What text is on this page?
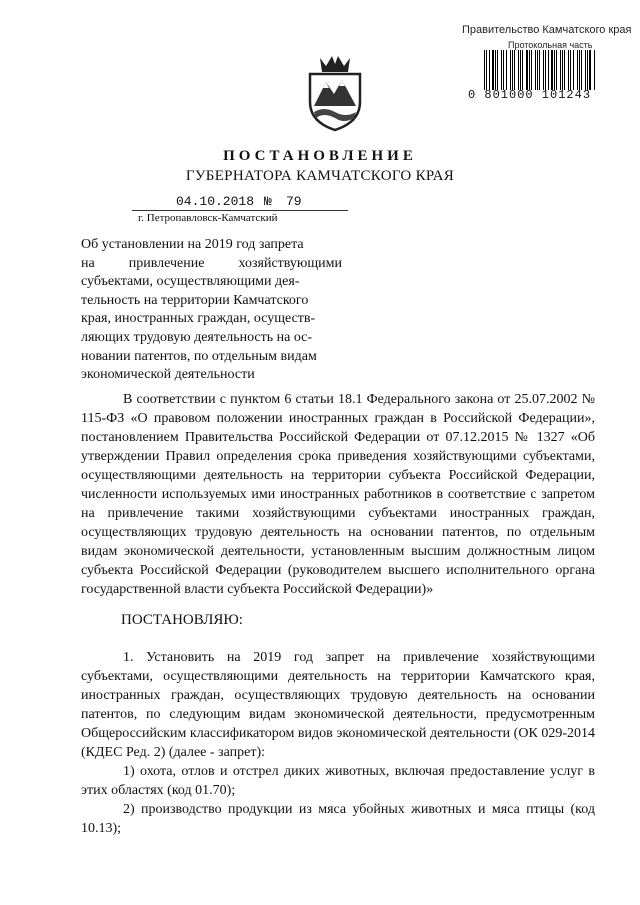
Правительство Камчатского края
Протокольная часть
0 801000 101243
ПОСТАНОВЛЕНИЕ
ГУБЕРНАТОРА КАМЧАТСКОГО КРАЯ
04.10.2018 № 79
г. Петропавловск-Камчатский

Об установлении на 2019 год запрета

на привлечение хозяйствующими

субъектами, осуществляющими дея-

тельность на территории Камчатского

края, иностранных граждан, осуществ-

ляющих трудовую деятельность на ос-

новании патентов, по отдельным видам

экономической деятельности

В соответствии с пунктом 6 статьи 18.1 Федерального закона от 25.07.2002 № 115-ФЗ «О правовом положении иностранных граждан в Российской Федерации», постановлением Правительства Российской Федерации от 07.12.2015 № 1327 «Об утверждении Правил определения срока приведения хозяйствующими субъектами, осуществляющими деятельность на территории субъекта Российской Федерации, численности используемых ими иностранных работников в соответствие с запретом на привлечение такими хозяйствующими субъектами иностранных граждан, осуществляющих трудовую деятельность на основании патентов, по отдельным видам экономической деятельности, установленным высшим должностным лицом субъекта Российской Федерации (руководителем высшего исполнительного органа государственной власти субъекта Российской Федерации)»

ПОСТАНОВЛЯЮ:

1. Установить на 2019 год запрет на привлечение хозяйствующими субъектами, осуществляющими деятельность на территории Камчатского края, иностранных граждан, осуществляющих трудовую деятельность на основании патентов, по следующим видам экономической деятельности, предусмотренным Общероссийским классификатором видов экономической деятельности (ОК 029-2014 (КДЕС Ред. 2) (далее - запрет):

1) охота, отлов и отстрел диких животных, включая предоставление услуг в этих областях (код 01.70);

2) производство продукции из мяса убойных животных и мяса птицы (код 10.13);
